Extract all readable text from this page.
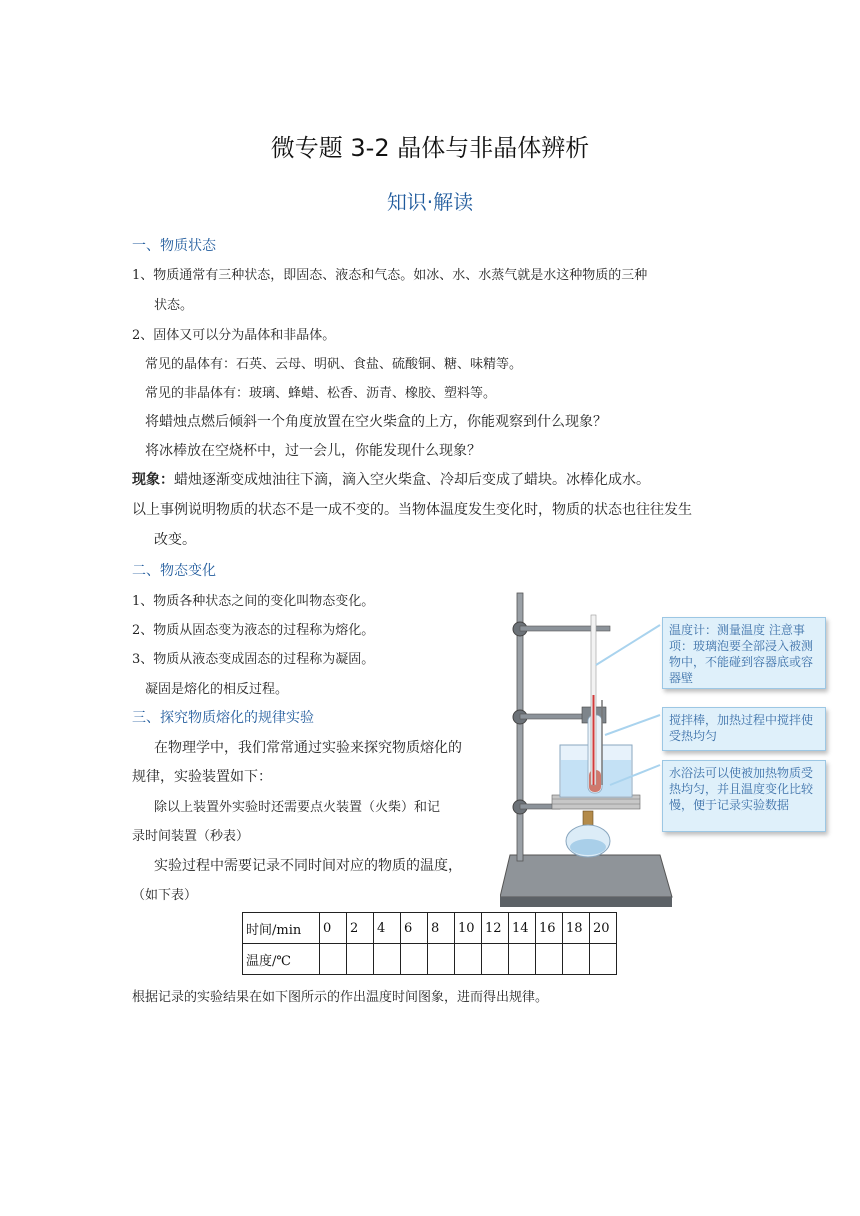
微专题 3-2 晶体与非晶体辨析
知识·解读
一、物质状态
1、物质通常有三种状态，即固态、液态和气态。如冰、水、水蒸气就是水这种物质的三种
状态。
2、固体又可以分为晶体和非晶体。
常见的晶体有：石英、云母、明矾、食盐、硫酸铜、糖、味精等。
常见的非晶体有：玻璃、蜂蜡、松香、沥青、橡胶、塑料等。
将蜡烛点燃后倾斜一个角度放置在空火柴盒的上方，你能观察到什么现象？
将冰棒放在空烧杯中，过一会儿，你能发现什么现象？
现象：蜡烛逐渐变成烛油往下滴，滴入空火柴盒、冷却后变成了蜡块。冰棒化成水。
以上事例说明物质的状态不是一成不变的。当物体温度发生变化时，物质的状态也往往发生
改变。
二、物态变化
1、物质各种状态之间的变化叫物态变化。
2、物质从固态变为液态的过程称为熔化。
3、物质从液态变成固态的过程称为凝固。
凝固是熔化的相反过程。
三、探究物质熔化的规律实验
在物理学中，我们常常通过实验来探究物质熔化的
规律，实验装置如下：
除以上装置外实验时还需要点火装置（火柴）和记
录时间装置（秒表）
实验过程中需要记录不同时间对应的物质的温度，
（如下表）
温度计：测量温度 注意事项：玻璃泡要全部浸入被测物中，不能碰到容器底或容器壁
搅拌棒，加热过程中搅拌使受热均匀
水浴法可以使被加热物质受热均匀，并且温度变化比较慢，便于记录实验数据
时间/min	0	2	4	6	8	10	12	14	16	18	20
温度/℃											
根据记录的实验结果在如下图所示的作出温度时间图象，进而得出规律。
